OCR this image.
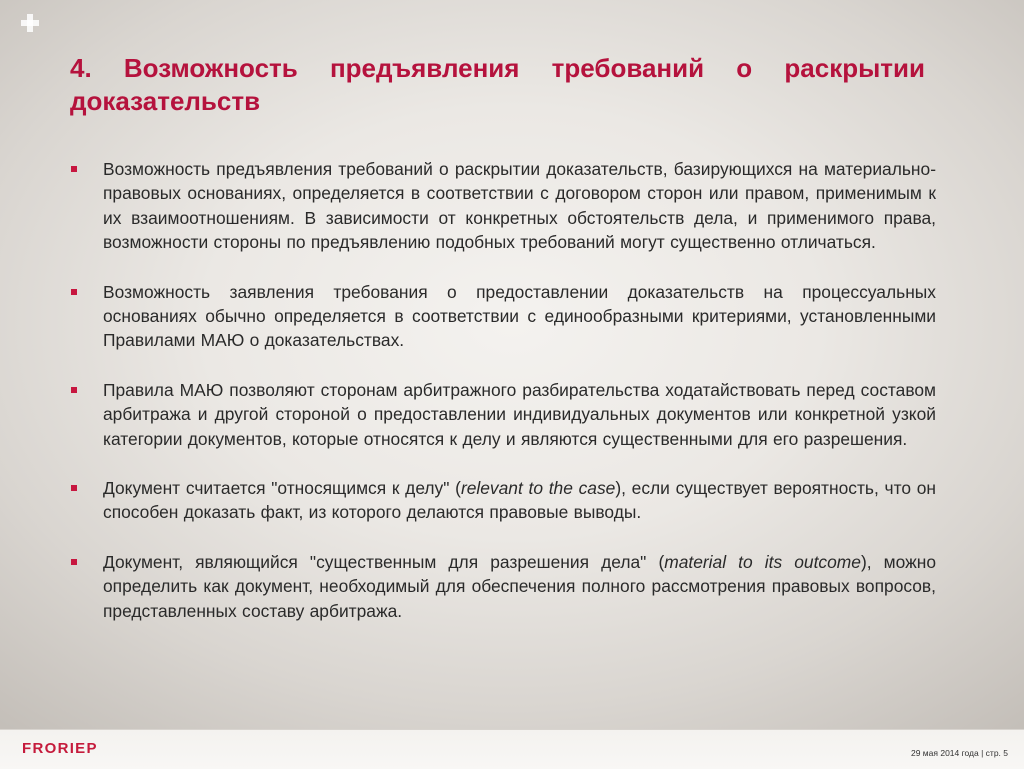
4. Возможность предъявления требований о раскрытии доказательств
Возможность предъявления требований о раскрытии доказательств, базирующихся на материально-правовых основаниях, определяется в соответствии с договором сторон или правом, применимым к их взаимоотношениям. В зависимости от конкретных обстоятельств дела, и применимого права, возможности стороны по предъявлению подобных требований могут существенно отличаться.
Возможность заявления требования о предоставлении доказательств на процессуальных основаниях обычно определяется в соответствии с единообразными критериями, установленными Правилами МАЮ о доказательствах.
Правила МАЮ позволяют сторонам арбитражного разбирательства ходатайствовать перед составом арбитража и другой стороной о предоставлении индивидуальных документов или конкретной узкой категории документов, которые относятся к делу и являются существенными для его разрешения.
Документ считается "относящимся к делу" (relevant to the case), если существует вероятность, что он способен доказать факт, из которого делаются правовые выводы.
Документ, являющийся "существенным для разрешения дела" (material to its outcome), можно определить как документ, необходимый для обеспечения полного рассмотрения правовых вопросов, представленных составу арбитража.
FRORIEP	29 мая 2014 года | стр. 5
